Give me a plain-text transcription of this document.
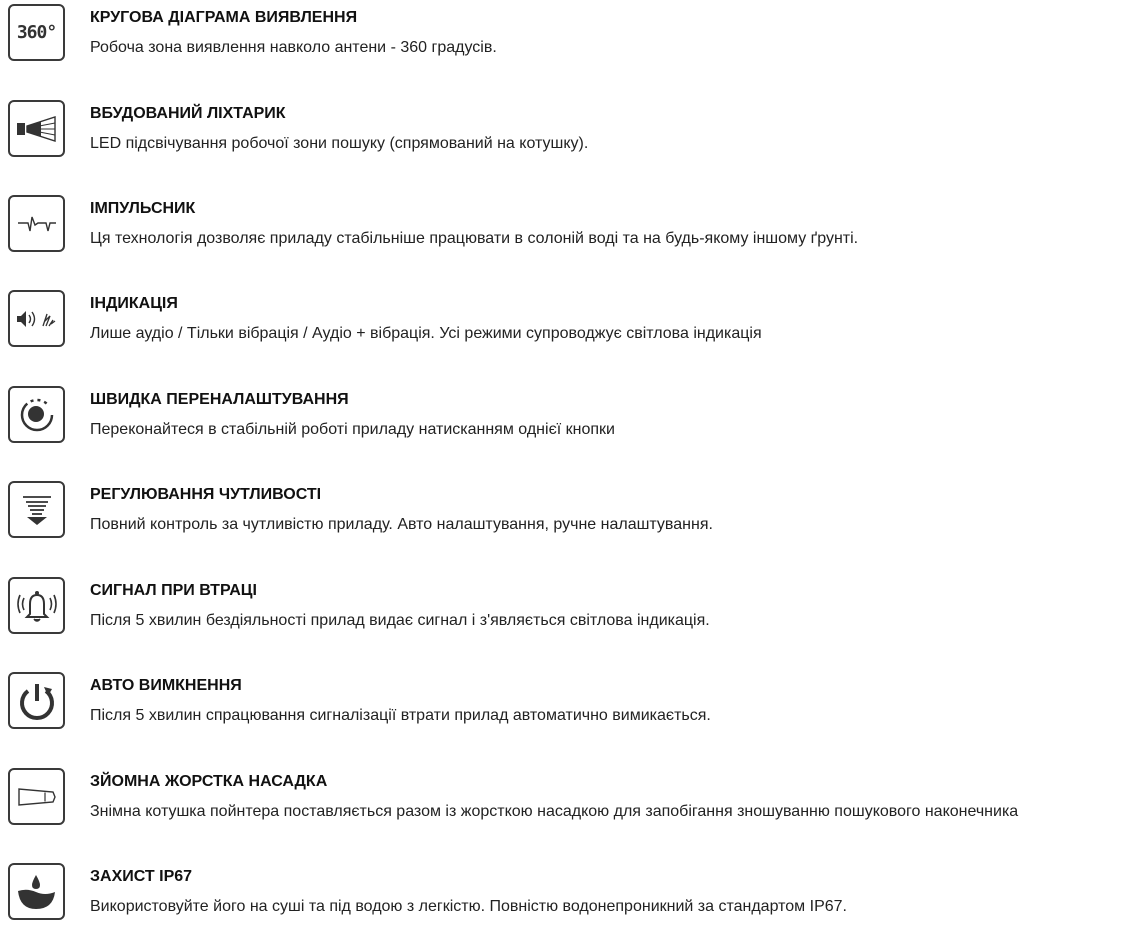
360°
КРУГОВА ДІАГРАМА ВИЯВЛЕННЯ
Робоча зона виявлення навколо антени - 360 градусів.
ВБУДОВАНИЙ ЛІХТАРИК
LED підсвічування робочої зони пошуку (спрямований на котушку).
ІМПУЛЬСНИК
Ця технологія дозволяє приладу стабільніше працювати в солоній воді та на будь-якому іншому ґрунті.
ІНДИКАЦІЯ
Лише аудіо / Тільки вібрація / Аудіо + вібрація. Усі режими супроводжує світлова індикація
ШВИДКА ПЕРЕНАЛАШТУВАННЯ
Переконайтеся в стабільній роботі приладу натисканням однієї кнопки
РЕГУЛЮВАННЯ ЧУТЛИВОСТІ
Повний контроль за чутливістю приладу. Авто налаштування, ручне налаштування.
СИГНАЛ ПРИ ВТРАЦІ
Після 5 хвилин бездіяльності прилад видає сигнал і з'являється світлова індикація.
АВТО ВИМКНЕННЯ
Після 5 хвилин спрацювання сигналізації втрати прилад автоматично вимикається.
ЗЙОМНА ЖОРСТКА НАСАДКА
Знімна котушка пойнтера поставляється разом із жорсткою насадкою для запобігання зношуванню пошукового наконечника
ЗАХИСТ IP67
Використовуйте його на суші та під водою з легкістю. Повністю водонепроникний за стандартом IP67.
